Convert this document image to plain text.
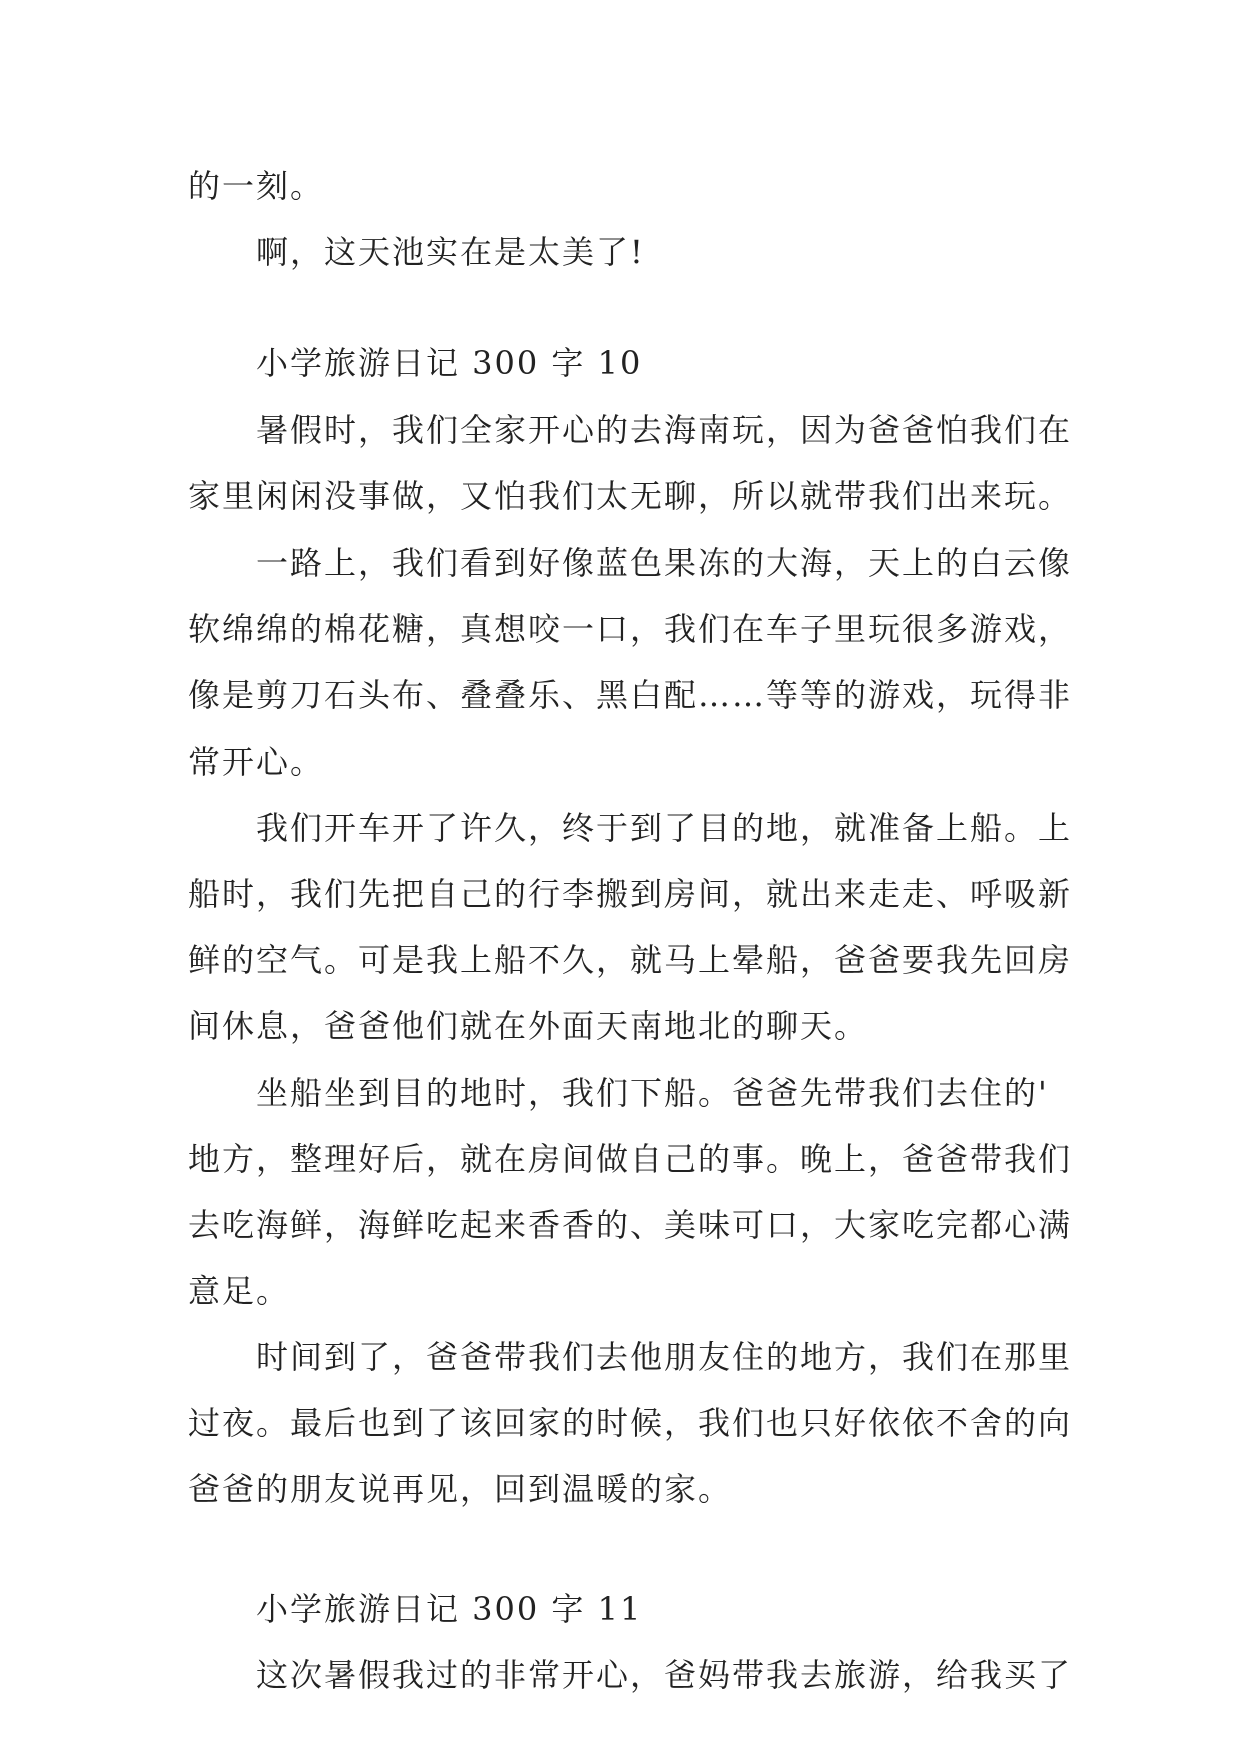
的一刻。
啊，这天池实在是太美了!
小学旅游日记 300 字 10
暑假时，我们全家开心的去海南玩，因为爸爸怕我们在
家里闲闲没事做，又怕我们太无聊，所以就带我们出来玩。
一路上，我们看到好像蓝色果冻的大海，天上的白云像
软绵绵的棉花糖，真想咬一口，我们在车子里玩很多游戏，
像是剪刀石头布、叠叠乐、黑白配……等等的游戏，玩得非
常开心。
我们开车开了许久，终于到了目的地，就准备上船。上
船时，我们先把自己的行李搬到房间，就出来走走、呼吸新
鲜的空气。可是我上船不久，就马上晕船，爸爸要我先回房
间休息，爸爸他们就在外面天南地北的聊天。
坐船坐到目的地时，我们下船。爸爸先带我们去住的'
地方，整理好后，就在房间做自己的事。晚上，爸爸带我们
去吃海鲜，海鲜吃起来香香的、美味可口，大家吃完都心满
意足。
时间到了，爸爸带我们去他朋友住的地方，我们在那里
过夜。最后也到了该回家的时候，我们也只好依依不舍的向
爸爸的朋友说再见，回到温暖的家。
小学旅游日记 300 字 11
这次暑假我过的非常开心，爸妈带我去旅游，给我买了
